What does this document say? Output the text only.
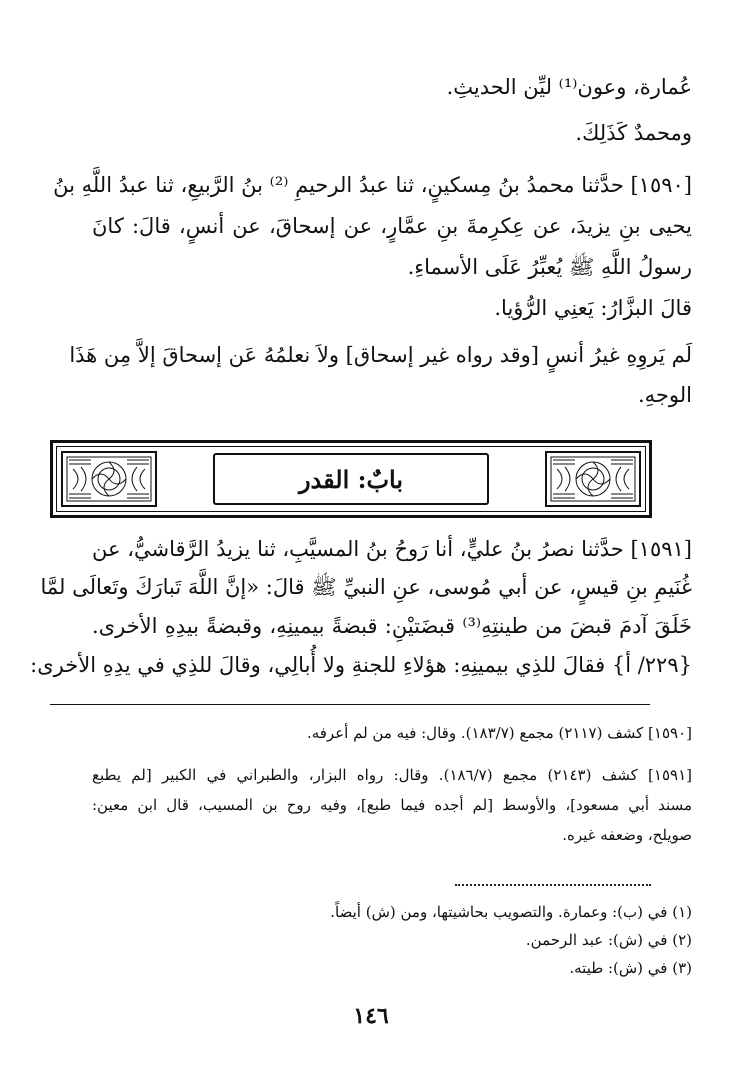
عُمارة، وعون⁽¹⁾ ليِّن الحديثِ.

ومحمدٌ كَذَلِكَ.

[١٥٩٠] حدَّثنا محمدُ بنُ مِسكينٍ، ثنا عبدُ الرحيمِ ⁽²⁾ بنُ الرَّبيعِ، ثنا عبدُ اللَّهِ بنُ

يحيى بنِ يزيدَ، عن عِكرِمةَ بنِ عمَّارٍ، عن إسحاقَ، عن أنسٍ، قالَ: كانَ

رسولُ اللَّهِ ﷺ يُعبِّرُ عَلَى الأسماءِ.

قالَ البزَّارُ: يَعنِي الرُّؤيا.

لَم يَروِهِ غيرُ أنسٍ [وقد رواه غير إسحاق] ولاَ نعلمُهُ عَن إسحاقَ إلاَّ مِن هَذَا

الوجهِ.

بابٌ: القدر

[١٥٩١] حدَّثنا نصرُ بنُ عليٍّ، أنا رَوحُ بنُ المسيَّبِ، ثنا يزيدُ الرَّقاشيُّ، عن

غُنَيمِ بنِ قيسٍ، عن أبي مُوسى، عنِ النبيِّ ﷺ قالَ: «إنَّ اللَّهَ تَبارَكَ وتَعالَى لمَّا

خَلَقَ آدمَ قبضَ من طينتِهِ⁽³⁾ قبضَتيْنِ: قبضةً بيمينِهِ، وقبضةً بيدِهِ الأخرى.

{٢٢٩/ أ} فقالَ للذِي بيمينِهِ: هؤلاءِ للجنةِ ولا أُبالِي، وقالَ للذِي في يدِهِ الأخرى:

[١٥٩٠] كشف (٢١١٧) مجمع (١٨٣/٧). وقال: فيه من لم أعرفه.

[١٥٩١] كشف (٢١٤٣) مجمع (١٨٦/٧). وقال: رواه البزار، والطبراني في الكبير [لم يطبع

مسند أبي مسعود]، والأوسط [لم أجده فيما طبع]، وفيه روح بن المسيب، قال ابن معين:

صويلح، وضعفه غيره.

(١) في (ب): وعمارة. والتصويب بحاشيتها، ومن (ش) أيضاً.

(٢) في (ش): عبد الرحمن.

(٣) في (ش): طيته.

١٤٦
